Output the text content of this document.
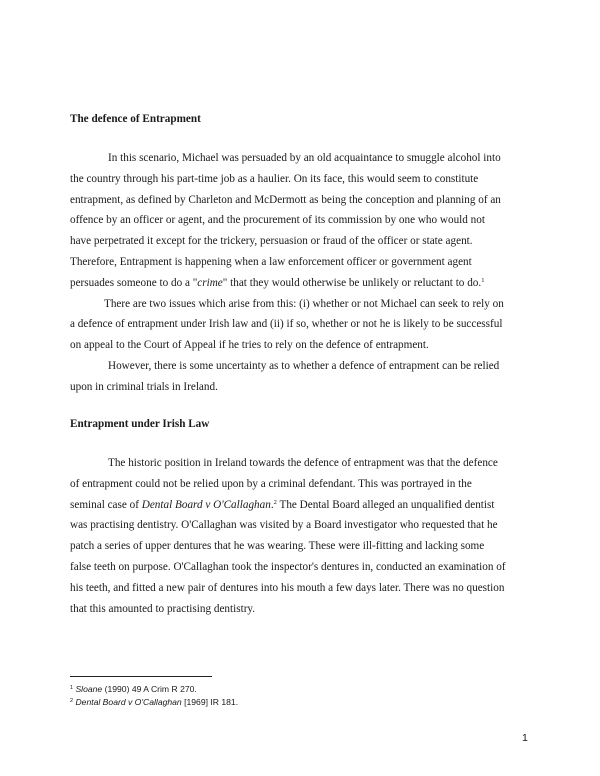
The defence of Entrapment
In this scenario, Michael was persuaded by an old acquaintance to smuggle alcohol into
the country through his part-time job as a haulier. On its face, this would seem to constitute
entrapment, as defined by Charleton and McDermott as being the conception and planning of an
offence by an officer or agent, and the procurement of its commission by one who would not
have perpetrated it except for the trickery, persuasion or fraud of the officer or state agent.
Therefore, Entrapment is happening when a law enforcement officer or government agent
persuades someone to do a "crime" that they would otherwise be unlikely or reluctant to do.$^1$
There are two issues which arise from this: (i) whether or not Michael can seek to rely on
a defence of entrapment under Irish law and (ii) if so, whether or not he is likely to be successful
on appeal to the Court of Appeal if he tries to rely on the defence of entrapment.
However, there is some uncertainty as to whether a defence of entrapment can be relied
upon in criminal trials in Ireland.
Entrapment under Irish Law
The historic position in Ireland towards the defence of entrapment was that the defence
of entrapment could not be relied upon by a criminal defendant. This was portrayed in the
seminal case of Dental Board v O'Callaghan.$^2$ The Dental Board alleged an unqualified dentist
was practising dentistry. O'Callaghan was visited by a Board investigator who requested that he
patch a series of upper dentures that he was wearing. These were ill-fitting and lacking some
false teeth on purpose. O'Callaghan took the inspector's dentures in, conducted an examination of
his teeth, and fitted a new pair of dentures into his mouth a few days later. There was no question
that this amounted to practising dentistry.
$^1$ Sloane (1990) 49 A Crim R 270.
$^2$ Dental Board v O'Callaghan [1969] IR 181.
1
